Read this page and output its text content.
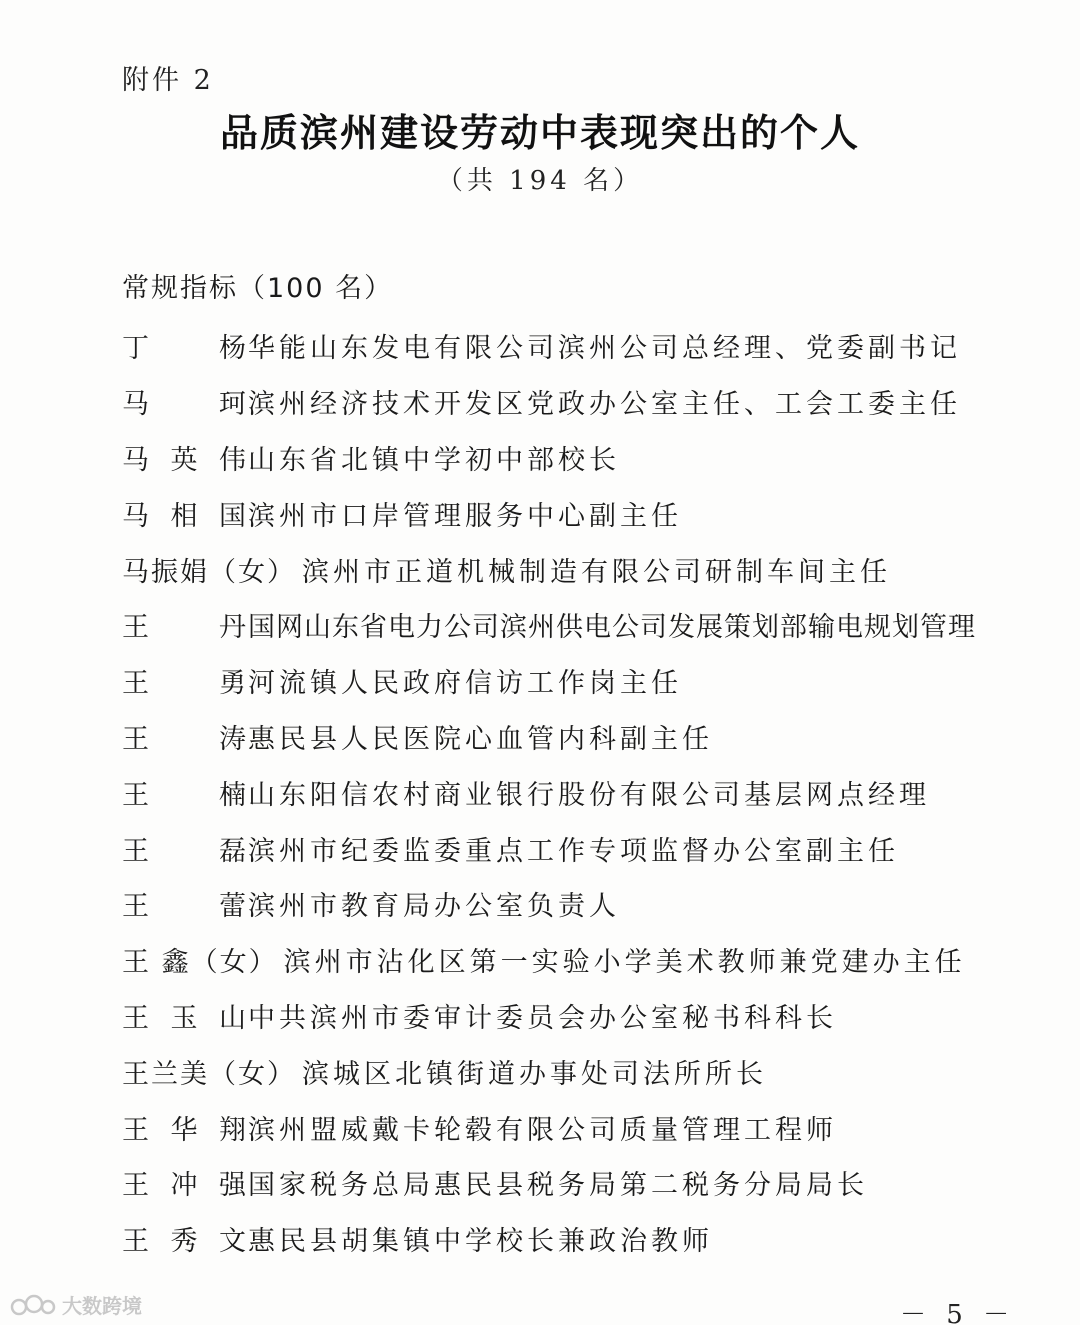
附件 2
品质滨州建设劳动中表现突出的个人
（共 194 名）
常规指标（100 名）
丁 杨 华能山东发电有限公司滨州公司总经理、党委副书记
马 珂 滨州经济技术开发区党政办公室主任、工会工委主任
马英伟 山东省北镇中学初中部校长
马相国 滨州市口岸管理服务中心副主任
马振娟（女） 滨州市正道机械制造有限公司研制车间主任
王 丹 国网山东省电力公司滨州供电公司发展策划部输电规划管理
王 勇 河流镇人民政府信访工作岗主任
王 涛 惠民县人民医院心血管内科副主任
王 楠 山东阳信农村商业银行股份有限公司基层网点经理
王 磊 滨州市纪委监委重点工作专项监督办公室副主任
王 蕾 滨州市教育局办公室负责人
王 鑫（女） 滨州市沾化区第一实验小学美术教师兼党建办主任
王玉山 中共滨州市委审计委员会办公室秘书科科长
王兰美（女） 滨城区北镇街道办事处司法所所长
王华翔 滨州盟威戴卡轮毂有限公司质量管理工程师
王冲强 国家税务总局惠民县税务局第二税务分局局长
王秀文 惠民县胡集镇中学校长兼政治教师
大数跨境	－ 5 －
